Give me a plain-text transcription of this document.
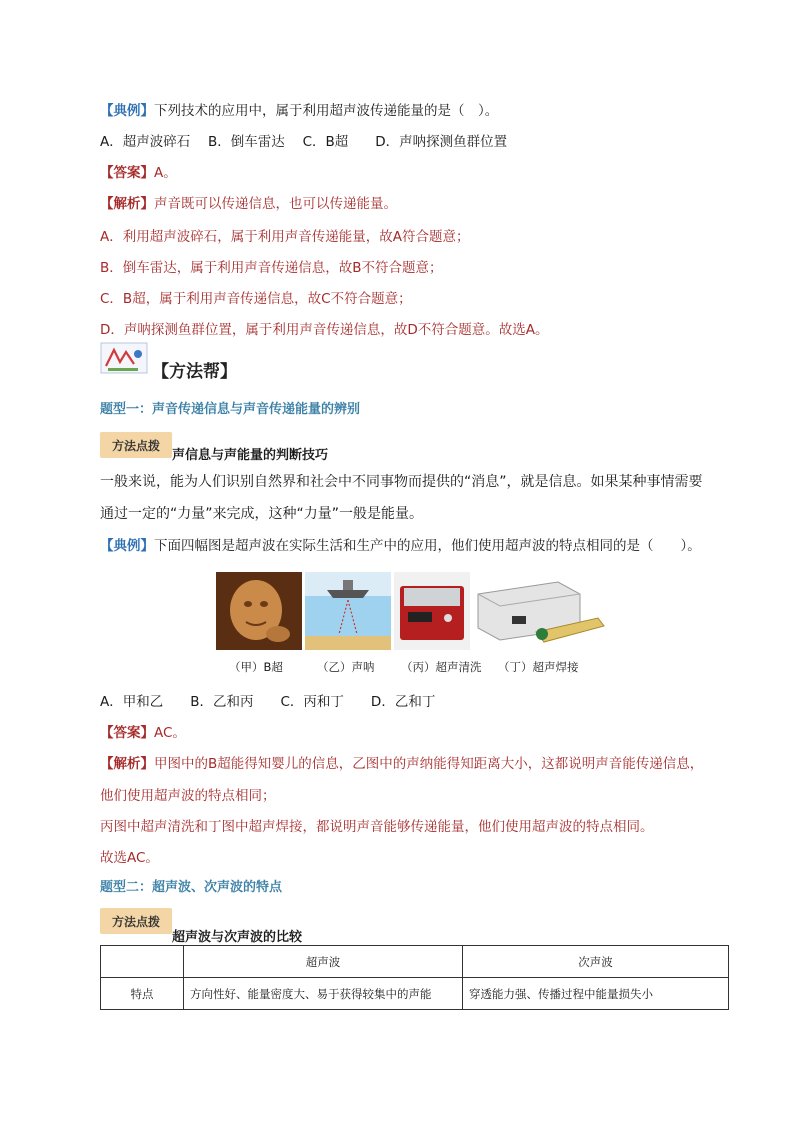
【典例】下列技术的应用中，属于利用超声波传递能量的是（　）。
A．超声波碎石　 B．倒车雷达　 C．B超　　D．声呐探测鱼群位置
【答案】A。
【解析】声音既可以传递信息，也可以传递能量。
A．利用超声波碎石，属于利用声音传递能量，故A符合题意；
B．倒车雷达，属于利用声音传递信息，故B不符合题意；
C．B超，属于利用声音传递信息，故C不符合题意；
D．声呐探测鱼群位置，属于利用声音传递信息，故D不符合题意。故选A。
【方法帮】
题型一：声音传递信息与声音传递能量的辨别
方法点拨
声信息与声能量的判断技巧
一般来说，能为人们识别自然界和社会中不同事物而提供的“消息”，就是信息。如果某种事情需要
通过一定的“力量”来完成，这种“力量”一般是能量。
【典例】下面四幅图是超声波在实际生活和生产中的应用，他们使用超声波的特点相同的是（　　）。
（甲）B超	（乙）声呐 （丙）超声清洗 （丁）超声焊接
A．甲和乙　　B．乙和丙　　C．丙和丁　　D．乙和丁
【答案】AC。
【解析】甲图中的B超能得知婴儿的信息，乙图中的声纳能得知距离大小，这都说明声音能传递信息，
他们使用超声波的特点相同；
丙图中超声清洗和丁图中超声焊接，都说明声音能够传递能量，他们使用超声波的特点相同。
故选AC。
题型二：超声波、次声波的特点
方法点拨
超声波与次声波的比较
	超声波	次声波
特点	方向性好、能量密度大、易于获得较集中的声能	穿透能力强、传播过程中能量损失小
